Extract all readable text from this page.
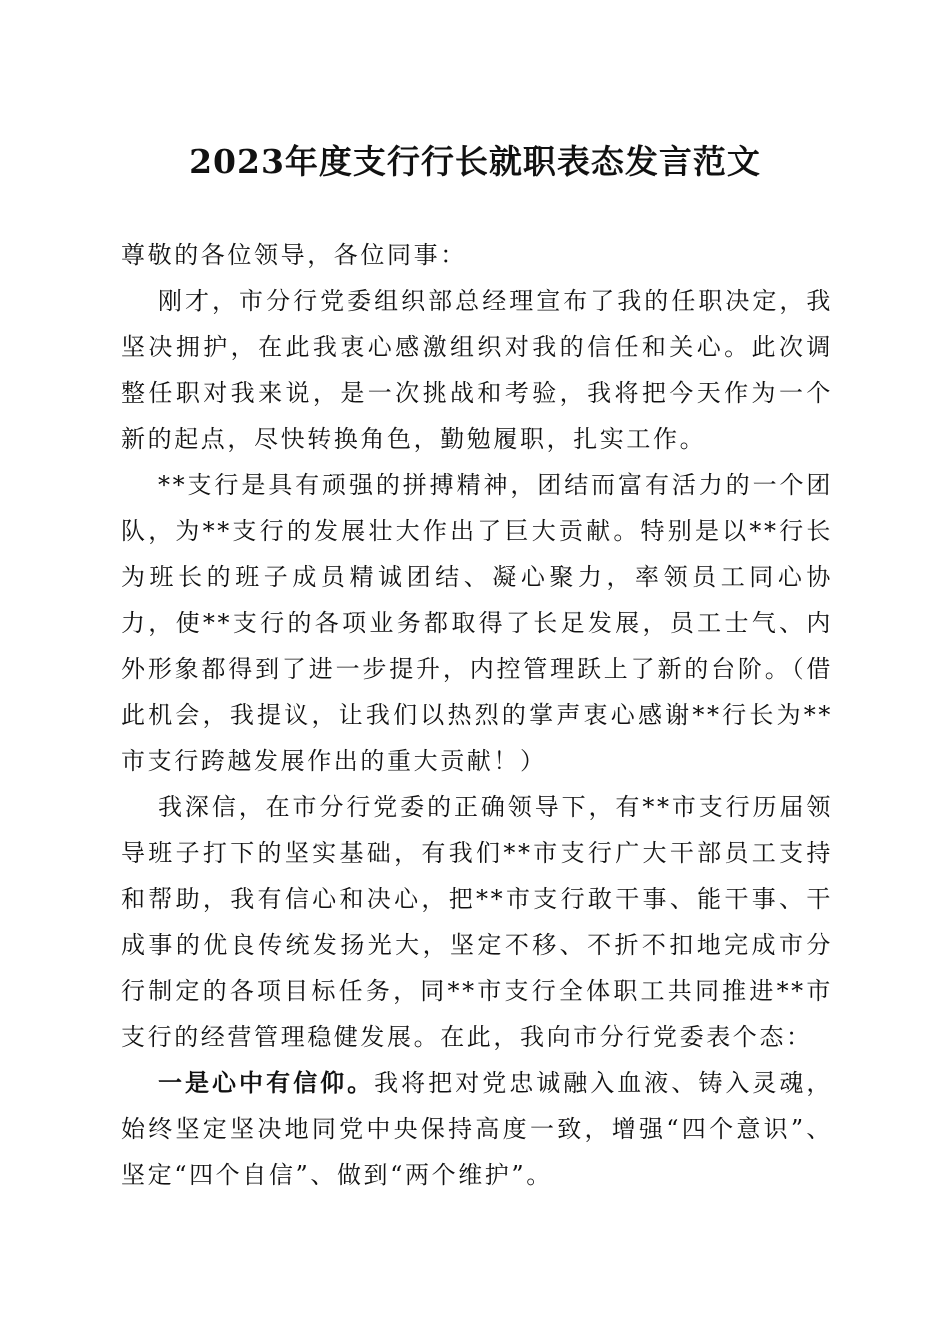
2023年度支行行长就职表态发言范文

尊敬的各位领导，各位同事：

刚才，市分行党委组织部总经理宣布了我的任职决定，我坚决拥护，在此我衷心感激组织对我的信任和关心。此次调整任职对我来说，是一次挑战和考验，我将把今天作为一个新的起点，尽快转换角色，勤勉履职，扎实工作。

**支行是具有顽强的拼搏精神，团结而富有活力的一个团队，为**支行的发展壮大作出了巨大贡献。特别是以**行长为班长的班子成员精诚团结、凝心聚力，率领员工同心协力，使**支行的各项业务都取得了长足发展，员工士气、内外形象都得到了进一步提升，内控管理跃上了新的台阶。（借此机会，我提议，让我们以热烈的掌声衷心感谢**行长为**市支行跨越发展作出的重大贡献！）

我深信，在市分行党委的正确领导下，有**市支行历届领导班子打下的坚实基础，有我们**市支行广大干部员工支持和帮助，我有信心和决心，把**市支行敢干事、能干事、干成事的优良传统发扬光大，坚定不移、不折不扣地完成市分行制定的各项目标任务，同**市支行全体职工共同推进**市支行的经营管理稳健发展。在此，我向市分行党委表个态：

一是心中有信仰。我将把对党忠诚融入血液、铸入灵魂，始终坚定坚决地同党中央保持高度一致，增强“四个意识”、坚定“四个自信”、做到“两个维护”。
